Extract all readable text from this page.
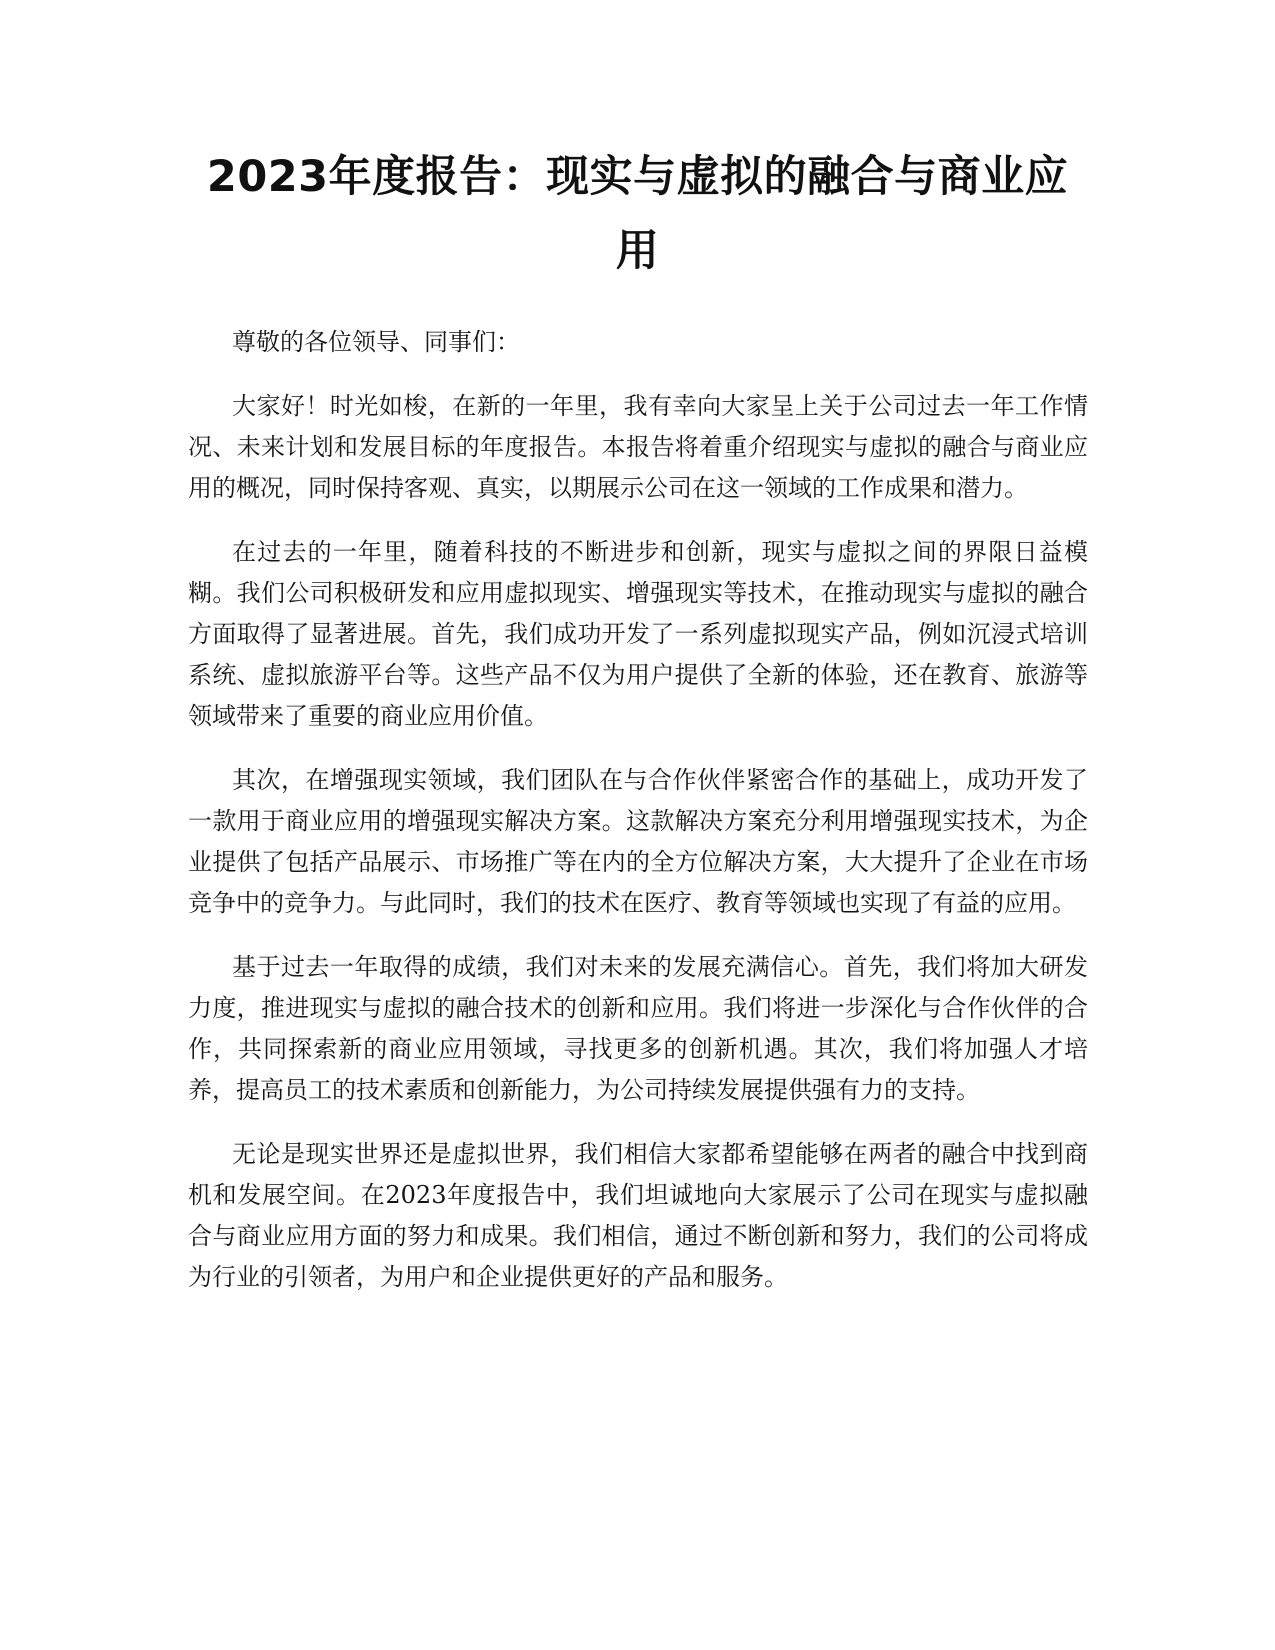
2023年度报告：现实与虚拟的融合与商业应用

尊敬的各位领导、同事们：

大家好！时光如梭，在新的一年里，我有幸向大家呈上关于公司过去一年工作情况、未来计划和发展目标的年度报告。本报告将着重介绍现实与虚拟的融合与商业应用的概况，同时保持客观、真实，以期展示公司在这一领域的工作成果和潜力。

在过去的一年里，随着科技的不断进步和创新，现实与虚拟之间的界限日益模糊。我们公司积极研发和应用虚拟现实、增强现实等技术，在推动现实与虚拟的融合方面取得了显著进展。首先，我们成功开发了一系列虚拟现实产品，例如沉浸式培训系统、虚拟旅游平台等。这些产品不仅为用户提供了全新的体验，还在教育、旅游等领域带来了重要的商业应用价值。

其次，在增强现实领域，我们团队在与合作伙伴紧密合作的基础上，成功开发了一款用于商业应用的增强现实解决方案。这款解决方案充分利用增强现实技术，为企业提供了包括产品展示、市场推广等在内的全方位解决方案，大大提升了企业在市场竞争中的竞争力。与此同时，我们的技术在医疗、教育等领域也实现了有益的应用。

基于过去一年取得的成绩，我们对未来的发展充满信心。首先，我们将加大研发力度，推进现实与虚拟的融合技术的创新和应用。我们将进一步深化与合作伙伴的合作，共同探索新的商业应用领域，寻找更多的创新机遇。其次，我们将加强人才培养，提高员工的技术素质和创新能力，为公司持续发展提供强有力的支持。

无论是现实世界还是虚拟世界，我们相信大家都希望能够在两者的融合中找到商机和发展空间。在2023年度报告中，我们坦诚地向大家展示了公司在现实与虚拟融合与商业应用方面的努力和成果。我们相信，通过不断创新和努力，我们的公司将成为行业的引领者，为用户和企业提供更好的产品和服务。
